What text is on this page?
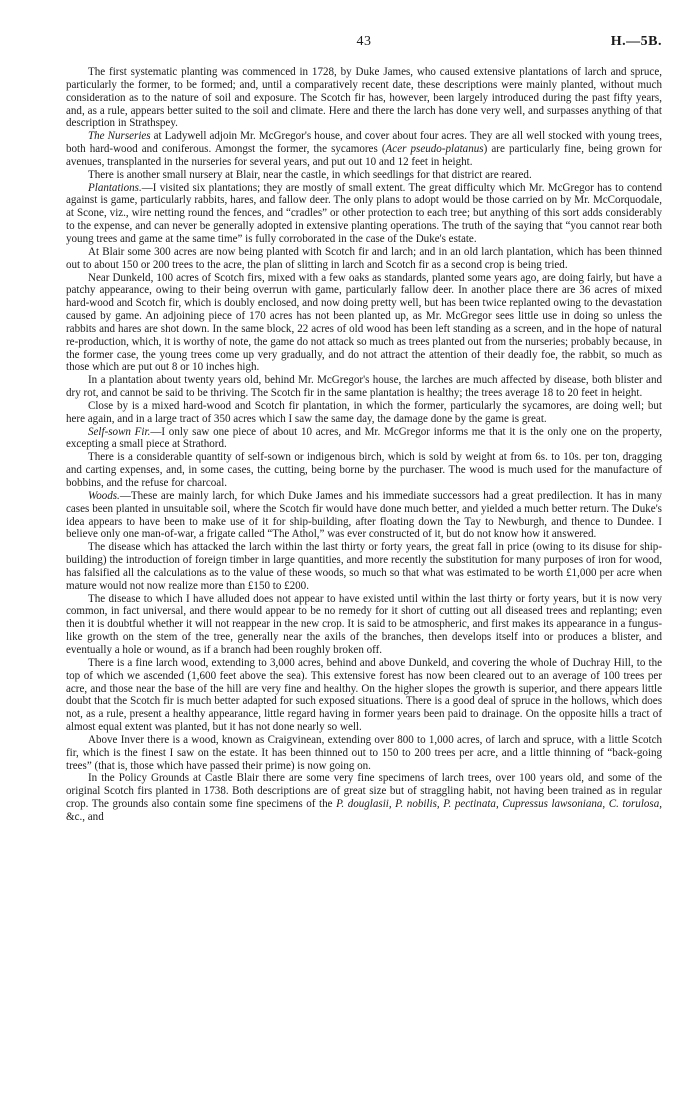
43	H.—5B.

The first systematic planting was commenced in 1728, by Duke James, who caused extensive plantations of larch and spruce, particularly the former, to be formed; and, until a comparatively recent date, these descriptions were mainly planted, without much consideration as to the nature of soil and exposure. The Scotch fir has, however, been largely introduced during the past fifty years, and, as a rule, appears better suited to the soil and climate. Here and there the larch has done very well, and surpasses anything of that description in Strathspey.

The Nurseries at Ladywell adjoin Mr. McGregor's house, and cover about four acres. They are all well stocked with young trees, both hard-wood and coniferous. Amongst the former, the sycamores (Acer pseudo-platanus) are particularly fine, being grown for avenues, transplanted in the nurseries for several years, and put out 10 and 12 feet in height.

There is another small nursery at Blair, near the castle, in which seedlings for that district are reared.

Plantations.—I visited six plantations; they are mostly of small extent. The great difficulty which Mr. McGregor has to contend against is game, particularly rabbits, hares, and fallow deer. The only plans to adopt would be those carried on by Mr. McCorquodale, at Scone, viz., wire netting round the fences, and “cradles” or other protection to each tree; but anything of this sort adds considerably to the expense, and can never be generally adopted in extensive planting operations. The truth of the saying that “you cannot rear both young trees and game at the same time” is fully corroborated in the case of the Duke's estate.

At Blair some 300 acres are now being planted with Scotch fir and larch; and in an old larch plantation, which has been thinned out to about 150 or 200 trees to the acre, the plan of slitting in larch and Scotch fir as a second crop is being tried.

Near Dunkeld, 100 acres of Scotch firs, mixed with a few oaks as standards, planted some years ago, are doing fairly, but have a patchy appearance, owing to their being overrun with game, particularly fallow deer. In another place there are 36 acres of mixed hard-wood and Scotch fir, which is doubly enclosed, and now doing pretty well, but has been twice replanted owing to the devastation caused by game. An adjoining piece of 170 acres has not been planted up, as Mr. McGregor sees little use in doing so unless the rabbits and hares are shot down. In the same block, 22 acres of old wood has been left standing as a screen, and in the hope of natural re-production, which, it is worthy of note, the game do not attack so much as trees planted out from the nurseries; probably because, in the former case, the young trees come up very gradually, and do not attract the attention of their deadly foe, the rabbit, so much as those which are put out 8 or 10 inches high.

In a plantation about twenty years old, behind Mr. McGregor's house, the larches are much affected by disease, both blister and dry rot, and cannot be said to be thriving. The Scotch fir in the same plantation is healthy; the trees average 18 to 20 feet in height.

Close by is a mixed hard-wood and Scotch fir plantation, in which the former, particularly the sycamores, are doing well; but here again, and in a large tract of 350 acres which I saw the same day, the damage done by the game is great.

Self-sown Fir.—I only saw one piece of about 10 acres, and Mr. McGregor informs me that it is the only one on the property, excepting a small piece at Strathord.

There is a considerable quantity of self-sown or indigenous birch, which is sold by weight at from 6s. to 10s. per ton, dragging and carting expenses, and, in some cases, the cutting, being borne by the purchaser. The wood is much used for the manufacture of bobbins, and the refuse for charcoal.

Woods.—These are mainly larch, for which Duke James and his immediate successors had a great predilection. It has in many cases been planted in unsuitable soil, where the Scotch fir would have done much better, and yielded a much better return. The Duke's idea appears to have been to make use of it for ship-building, after floating down the Tay to Newburgh, and thence to Dundee. I believe only one man-of-war, a frigate called “The Athol,” was ever constructed of it, but do not know how it answered.

The disease which has attacked the larch within the last thirty or forty years, the great fall in price (owing to its disuse for ship-building) the introduction of foreign timber in large quantities, and more recently the substitution for many purposes of iron for wood, has falsified all the calculations as to the value of these woods, so much so that what was estimated to be worth £1,000 per acre when mature would not now realize more than £150 to £200.

The disease to which I have alluded does not appear to have existed until within the last thirty or forty years, but it is now very common, in fact universal, and there would appear to be no remedy for it short of cutting out all diseased trees and replanting; even then it is doubtful whether it will not reappear in the new crop. It is said to be atmospheric, and first makes its appearance in a fungus-like growth on the stem of the tree, generally near the axils of the branches, then develops itself into or produces a blister, and eventually a hole or wound, as if a branch had been roughly broken off.

There is a fine larch wood, extending to 3,000 acres, behind and above Dunkeld, and covering the whole of Duchray Hill, to the top of which we ascended (1,600 feet above the sea). This extensive forest has now been cleared out to an average of 100 trees per acre, and those near the base of the hill are very fine and healthy. On the higher slopes the growth is superior, and there appears little doubt that the Scotch fir is much better adapted for such exposed situations. There is a good deal of spruce in the hollows, which does not, as a rule, present a healthy appearance, little regard having in former years been paid to drainage. On the opposite hills a tract of almost equal extent was planted, but it has not done nearly so well.

Above Inver there is a wood, known as Craigvinean, extending over 800 to 1,000 acres, of larch and spruce, with a little Scotch fir, which is the finest I saw on the estate. It has been thinned out to 150 to 200 trees per acre, and a little thinning of “back-going trees” (that is, those which have passed their prime) is now going on.

In the Policy Grounds at Castle Blair there are some very fine specimens of larch trees, over 100 years old, and some of the original Scotch firs planted in 1738. Both descriptions are of great size but of straggling habit, not having been trained as in regular crop. The grounds also contain some fine specimens of the P. douglasii, P. nobilis, P. pectinata, Cupressus lawsoniana, C. torulosa, &c., and
